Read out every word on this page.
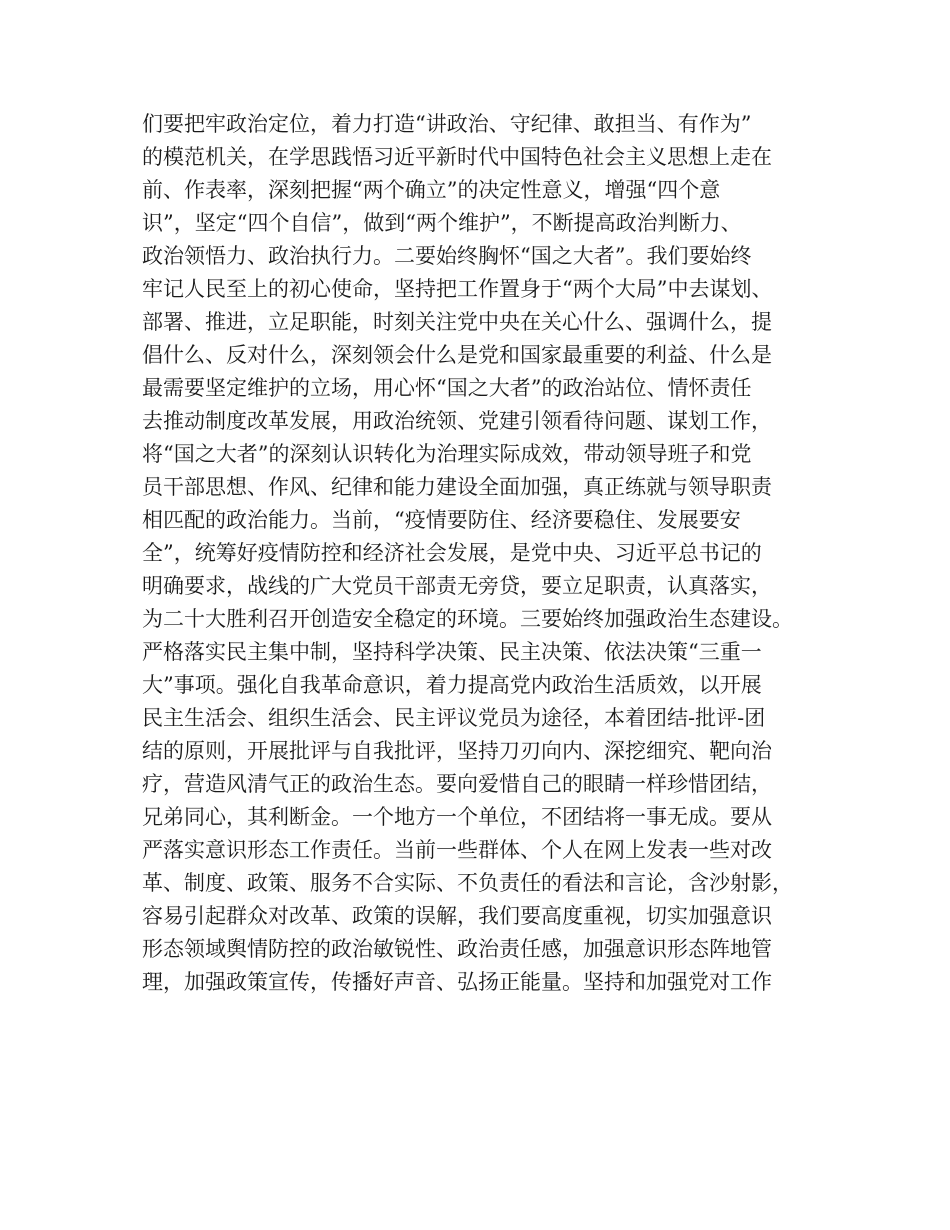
们要把牢政治定位，着力打造“讲政治、守纪律、敢担当、有作为”
的模范机关，在学思践悟习近平新时代中国特色社会主义思想上走在
前、作表率，深刻把握“两个确立”的决定性意义，增强“四个意
识”，坚定“四个自信”，做到“两个维护”，不断提高政治判断力、
政治领悟力、政治执行力。二要始终胸怀“国之大者”。我们要始终
牢记人民至上的初心使命，坚持把工作置身于“两个大局”中去谋划、
部署、推进，立足职能，时刻关注党中央在关心什么、强调什么，提
倡什么、反对什么，深刻领会什么是党和国家最重要的利益、什么是
最需要坚定维护的立场，用心怀“国之大者”的政治站位、情怀责任
去推动制度改革发展，用政治统领、党建引领看待问题、谋划工作，
将“国之大者”的深刻认识转化为治理实际成效，带动领导班子和党
员干部思想、作风、纪律和能力建设全面加强，真正练就与领导职责
相匹配的政治能力。当前，“疫情要防住、经济要稳住、发展要安
全”，统筹好疫情防控和经济社会发展，是党中央、习近平总书记的
明确要求，战线的广大党员干部责无旁贷，要立足职责，认真落实，
为二十大胜利召开创造安全稳定的环境。三要始终加强政治生态建设。
严格落实民主集中制，坚持科学决策、民主决策、依法决策“三重一
大”事项。强化自我革命意识，着力提高党内政治生活质效，以开展
民主生活会、组织生活会、民主评议党员为途径，本着团结-批评-团
结的原则，开展批评与自我批评，坚持刀刃向内、深挖细究、靶向治
疗，营造风清气正的政治生态。要向爱惜自己的眼睛一样珍惜团结，
兄弟同心，其利断金。一个地方一个单位，不团结将一事无成。要从
严落实意识形态工作责任。当前一些群体、个人在网上发表一些对改
革、制度、政策、服务不合实际、不负责任的看法和言论，含沙射影，
容易引起群众对改革、政策的误解，我们要高度重视，切实加强意识
形态领域舆情防控的政治敏锐性、政治责任感，加强意识形态阵地管
理，加强政策宣传，传播好声音、弘扬正能量。坚持和加强党对工作
